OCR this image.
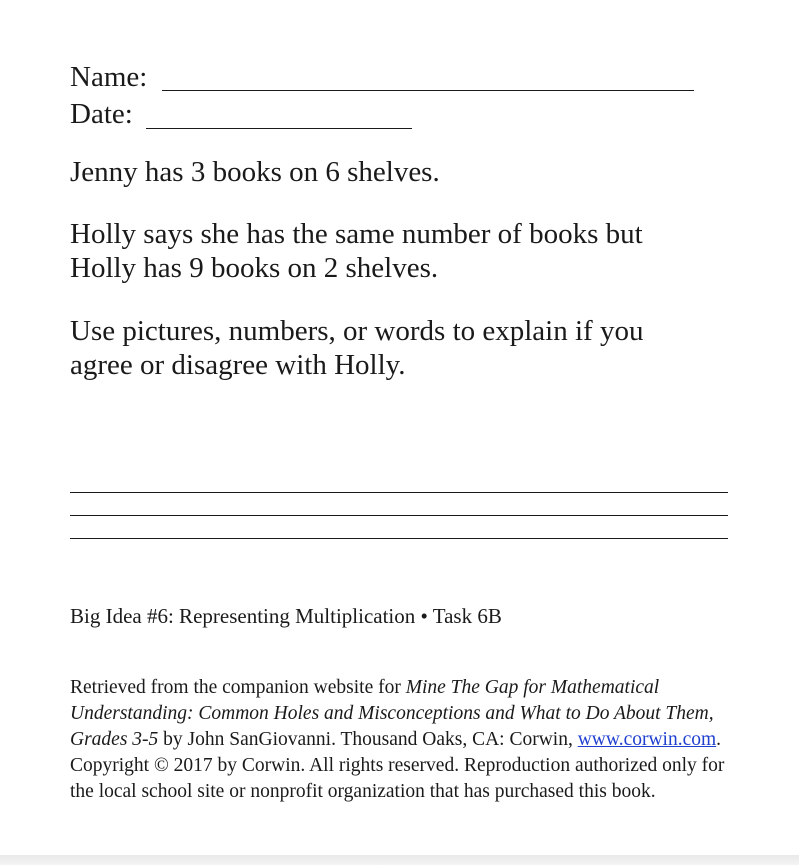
Name:
Date:
Jenny has 3 books on 6 shelves.
Holly says she has the same number of books but Holly has 9 books on 2 shelves.
Use pictures, numbers, or words to explain if you agree or disagree with Holly.
Big Idea #6: Representing Multiplication • Task 6B
Retrieved from the companion website for Mine The Gap for Mathematical Understanding: Common Holes and Misconceptions and What to Do About Them, Grades 3-5 by John SanGiovanni. Thousand Oaks, CA: Corwin, www.corwin.com. Copyright © 2017 by Corwin. All rights reserved. Reproduction authorized only for the local school site or nonprofit organization that has purchased this book.
